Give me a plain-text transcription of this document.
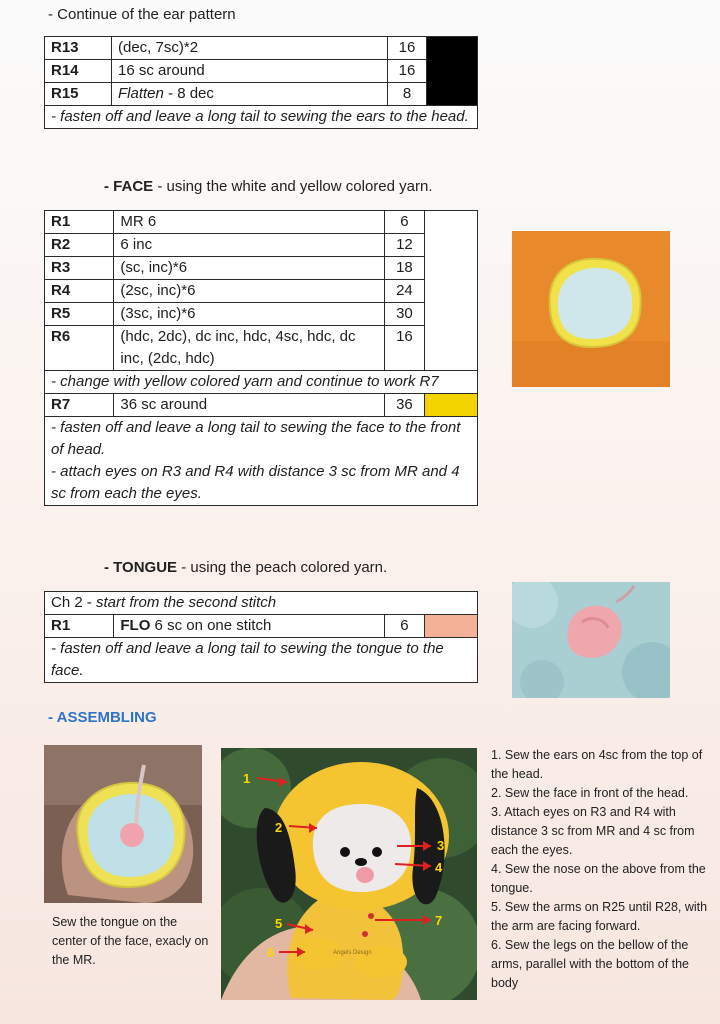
- Continue of the ear pattern
R13	(dec, 7sc)*2	16	
R14	16 sc around	16	
R15	Flatten - 8 dec	8	
- fasten off and leave a long tail to sewing the ears to the head.			
- FACE - using the white and yellow colored yarn.
R1	MR 6	6	
R2	6 inc	12	
R3	(sc, inc)*6	18	
R4	(2sc, inc)*6	24	
R5	(3sc, inc)*6	30	
R6	(hdc, 2dc), dc inc, hdc, 4sc, hdc, dc inc, (2dc, hdc)	16	
- change with yellow colored yarn and continue to work R7			
R7	36 sc around	36	

- fasten off and leave a long tail to sewing the face to the front of head.
- attach eyes on R3 and R4 with distance 3 sc from MR and 4 sc from each the eyes.			
- TONGUE - using the peach colored yarn.
Ch 2 - start from the second stitch
R1	FLO 6 sc on one stitch	6	
- fasten off and leave a long tail to sewing the tongue to the face.
- ASSEMBLING
Sew the tongue on the center of the face, exacly on the MR.
1
2
3
4
5
6
7
Angels Design
1. Sew the ears on 4sc from the top of the head.
2. Sew the face in front of the head.
3. Attach eyes on R3 and R4 with distance 3 sc from MR and 4 sc from each the eyes.
4. Sew the nose on the above from the tongue.
5. Sew the arms on R25 until R28, with the arm are facing forward.
6. Sew the legs on the bellow of the arms, parallel with the bottom of the body
